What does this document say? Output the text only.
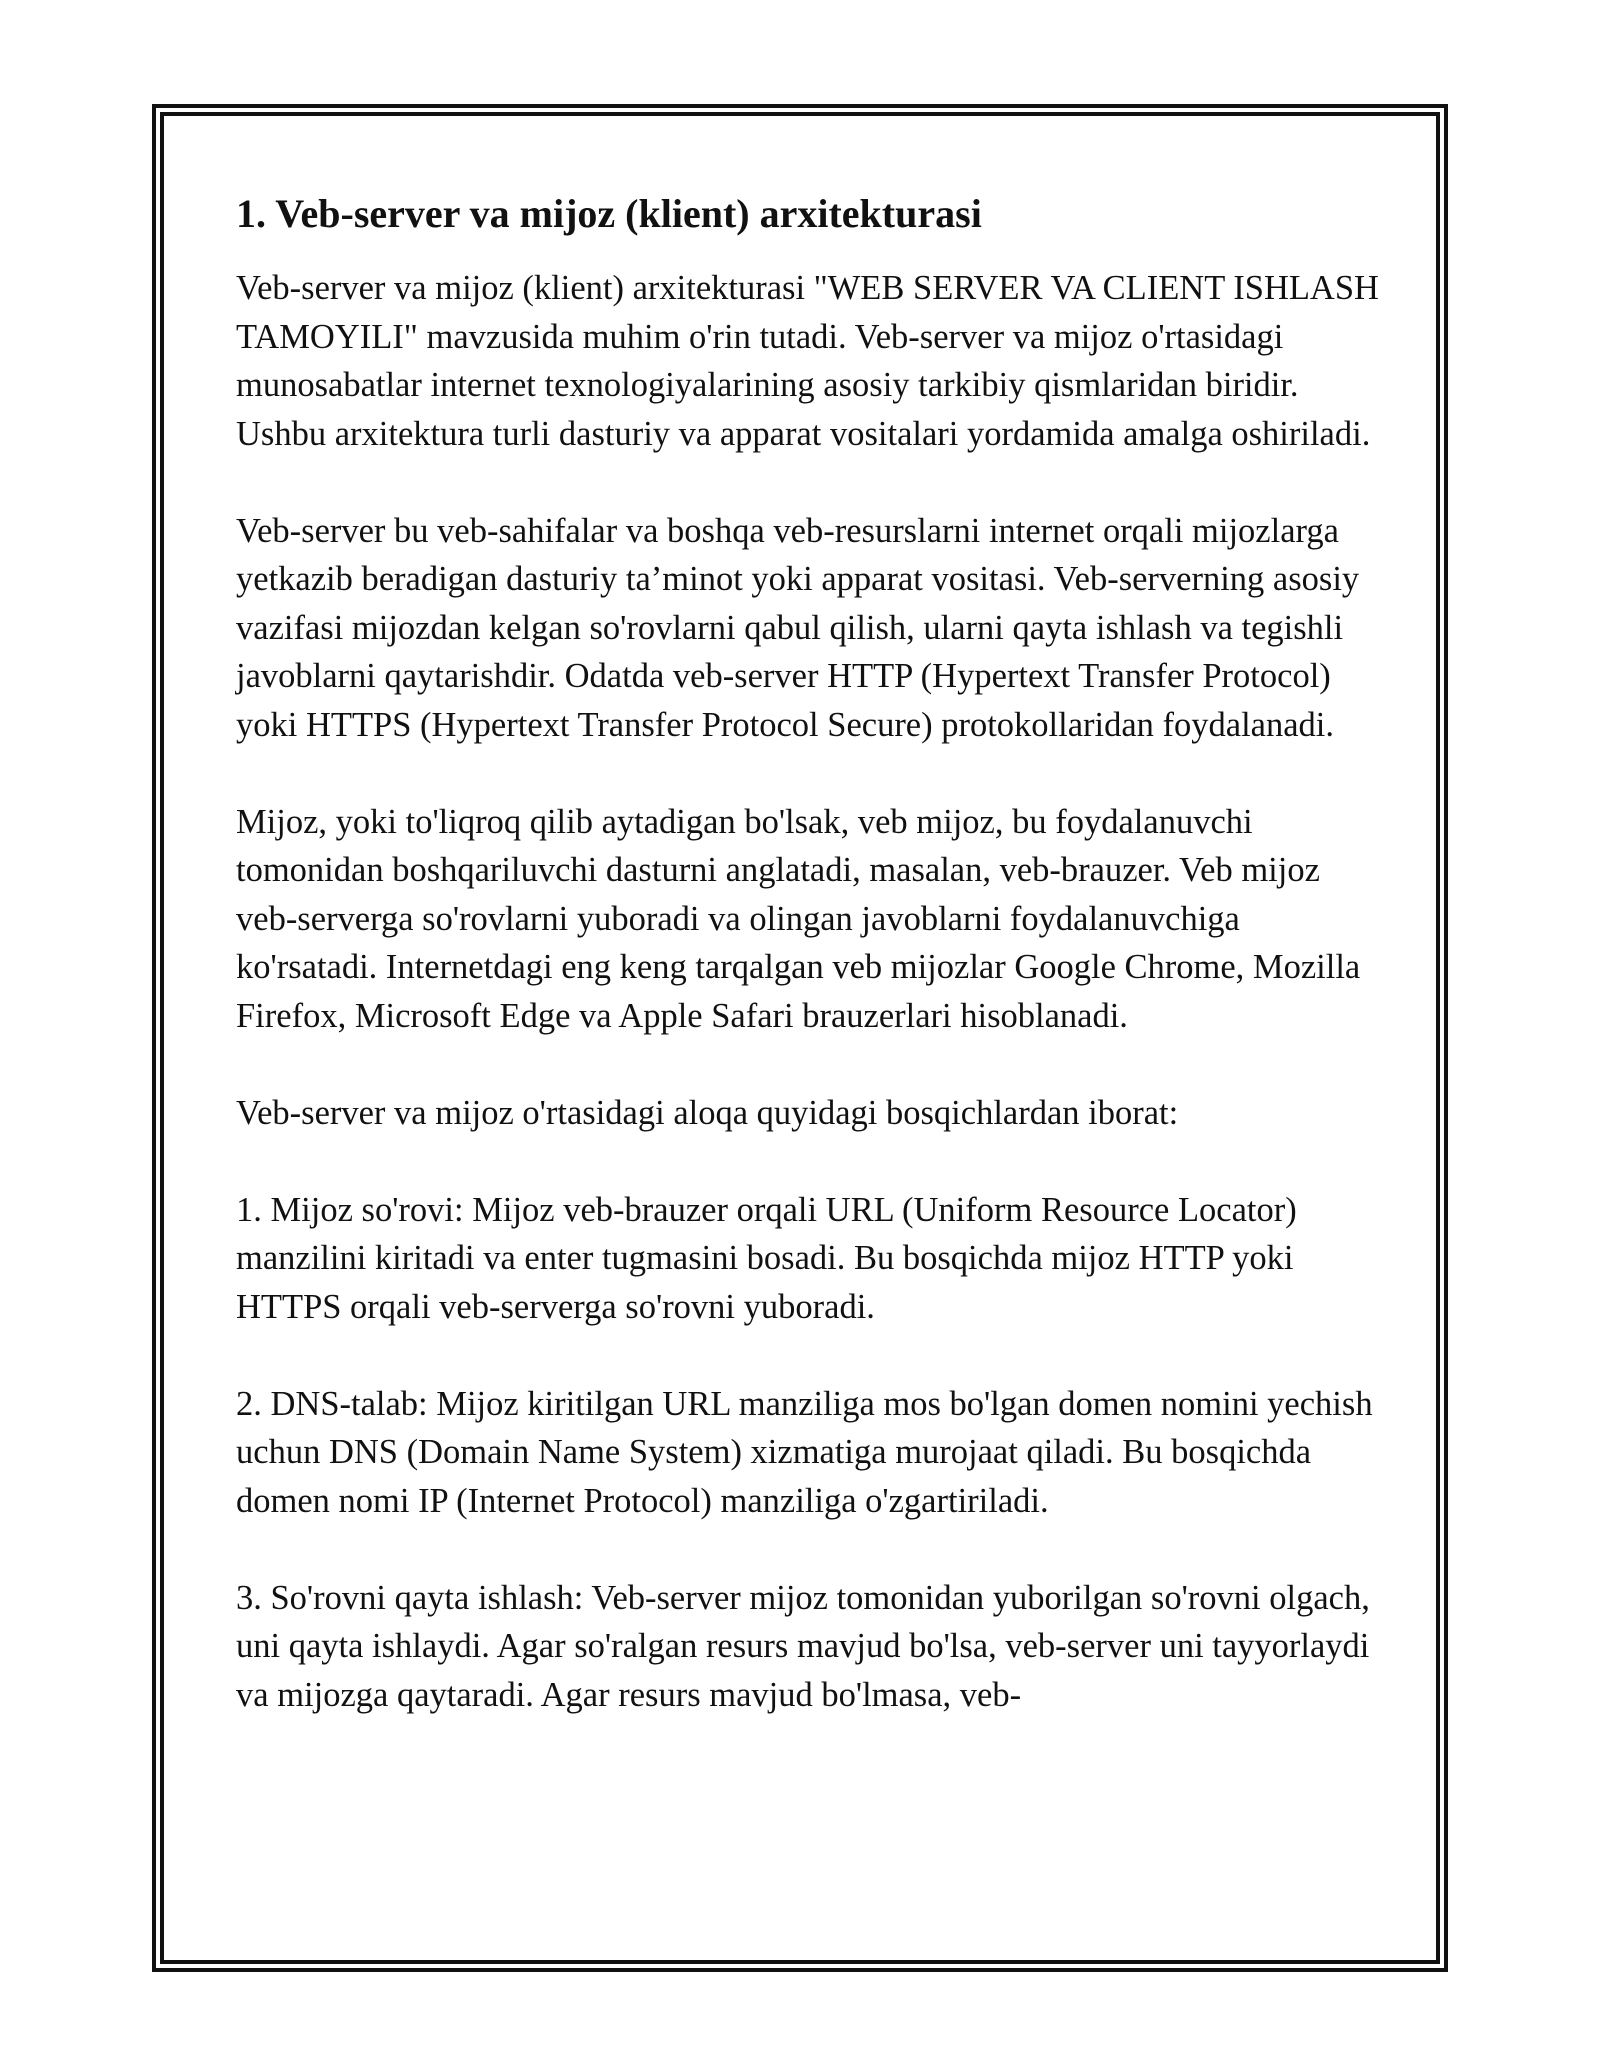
1. Veb-server va mijoz (klient) arxitekturasi

Veb-server va mijoz (klient) arxitekturasi "WEB SERVER VA CLIENT ISHLASH TAMOYILI" mavzusida muhim o'rin tutadi. Veb-server va mijoz o'rtasidagi munosabatlar internet texnologiyalarining asosiy tarkibiy qismlaridan biridir. Ushbu arxitektura turli dasturiy va apparat vositalari yordamida amalga oshiriladi.

Veb-server bu veb-sahifalar va boshqa veb-resurslarni internet orqali mijozlarga yetkazib beradigan dasturiy ta’minot yoki apparat vositasi. Veb-serverning asosiy vazifasi mijozdan kelgan so'rovlarni qabul qilish, ularni qayta ishlash va tegishli javoblarni qaytarishdir. Odatda veb-server HTTP (Hypertext Transfer Protocol) yoki HTTPS (Hypertext Transfer Protocol Secure) protokollaridan foydalanadi.

Mijoz, yoki to'liqroq qilib aytadigan bo'lsak, veb mijoz, bu foydalanuvchi tomonidan boshqariluvchi dasturni anglatadi, masalan, veb-brauzer. Veb mijoz veb-serverga so'rovlarni yuboradi va olingan javoblarni foydalanuvchiga ko'rsatadi. Internetdagi eng keng tarqalgan veb mijozlar Google Chrome, Mozilla Firefox, Microsoft Edge va Apple Safari brauzerlari hisoblanadi.

Veb-server va mijoz o'rtasidagi aloqa quyidagi bosqichlardan iborat:

1. Mijoz so'rovi: Mijoz veb-brauzer orqali URL (Uniform Resource Locator) manzilini kiritadi va enter tugmasini bosadi. Bu bosqichda mijoz HTTP yoki HTTPS orqali veb-serverga so'rovni yuboradi.

2. DNS-talab: Mijoz kiritilgan URL manziliga mos bo'lgan domen nomini yechish uchun DNS (Domain Name System) xizmatiga murojaat qiladi. Bu bosqichda domen nomi IP (Internet Protocol) manziliga o'zgartiriladi.

3. So'rovni qayta ishlash: Veb-server mijoz tomonidan yuborilgan so'rovni olgach, uni qayta ishlaydi. Agar so'ralgan resurs mavjud bo'lsa, veb-server uni tayyorlaydi va mijozga qaytaradi. Agar resurs mavjud bo'lmasa, veb-
